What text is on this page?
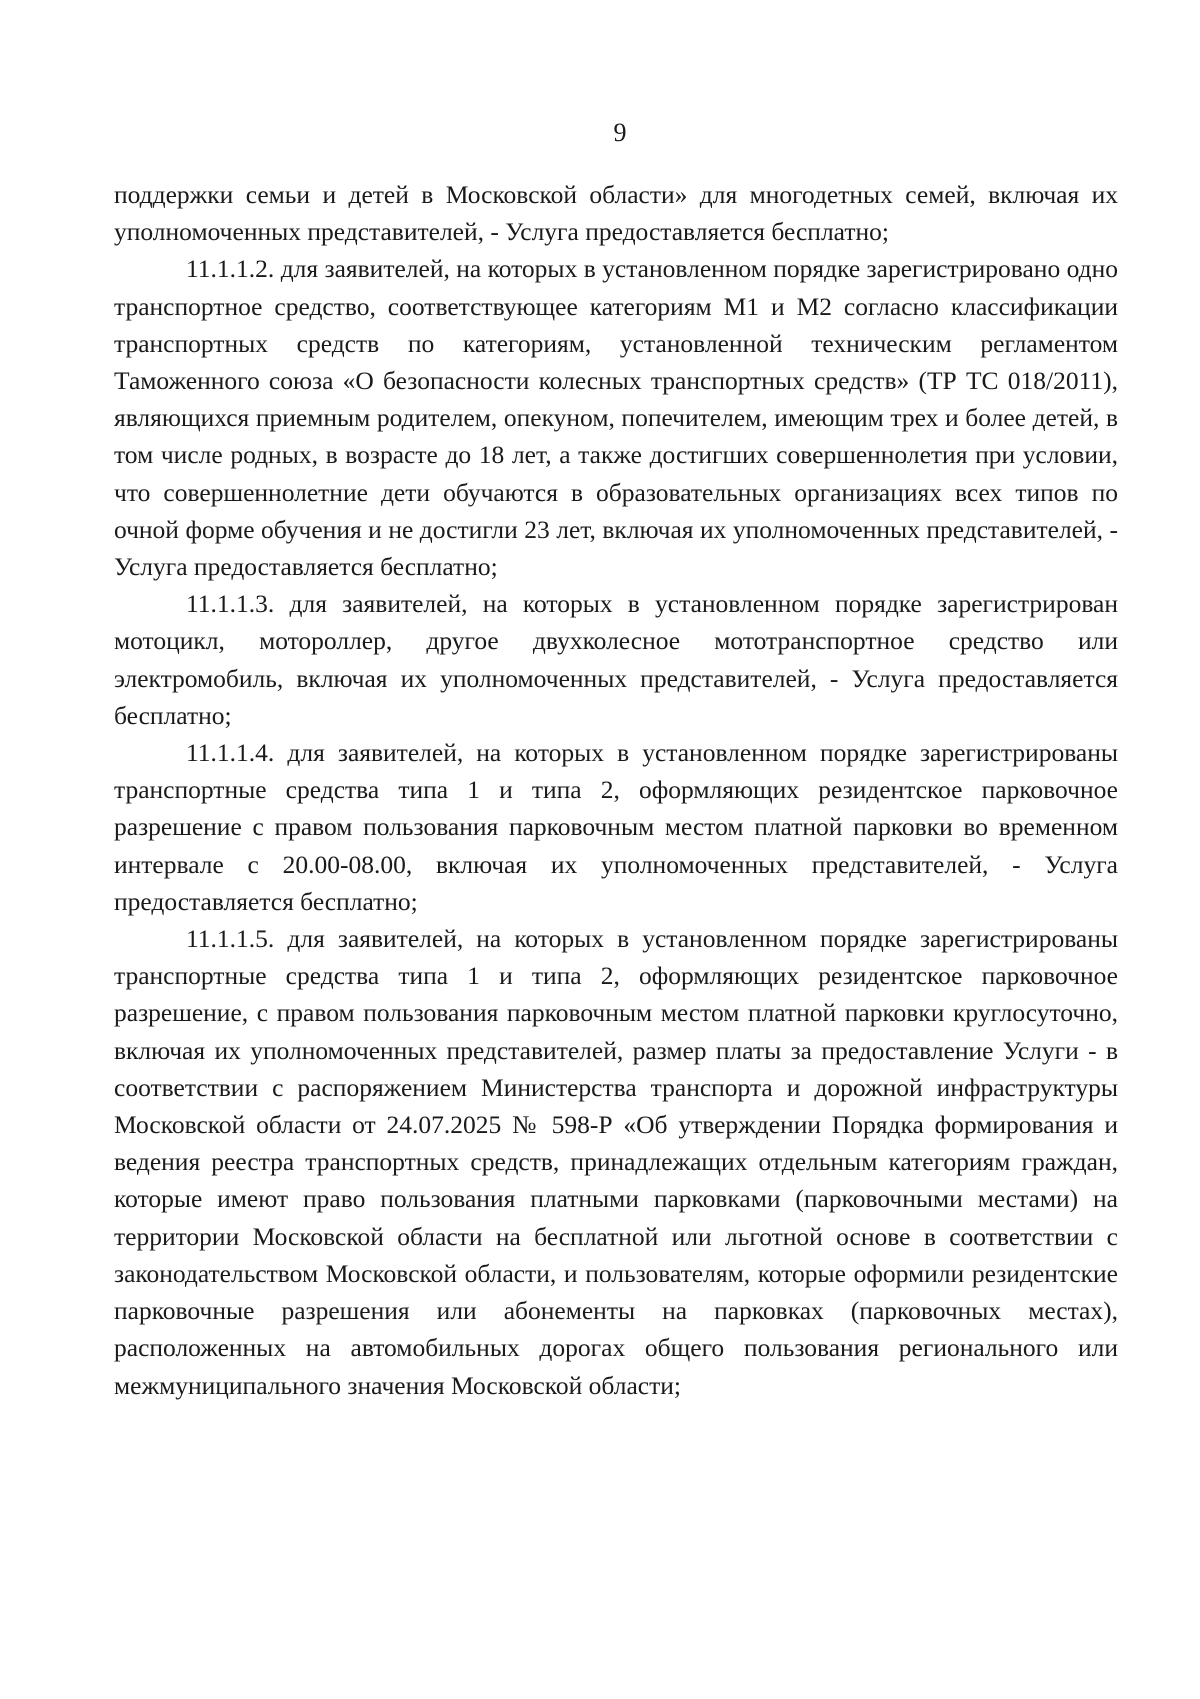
9

поддержки семьи и детей в Московской области» для многодетных семей, включая их уполномоченных представителей, - Услуга предоставляется бесплатно;

11.1.1.2. для заявителей, на которых в установленном порядке зарегистрировано одно транспортное средство, соответствующее категориям М1 и М2 согласно классификации транспортных средств по категориям, установленной техническим регламентом Таможенного союза «О безопасности колесных транспортных средств» (ТР ТС 018/2011), являющихся приемным родителем, опекуном, попечителем, имеющим трех и более детей, в том числе родных, в возрасте до 18 лет, а также достигших совершеннолетия при условии, что совершеннолетние дети обучаются в образовательных организациях всех типов по очной форме обучения и не достигли 23 лет, включая их уполномоченных представителей, - Услуга предоставляется бесплатно;

11.1.1.3. для заявителей, на которых в установленном порядке зарегистрирован мотоцикл, мотороллер, другое двухколесное мототранспортное средство или электромобиль, включая их уполномоченных представителей, - Услуга предоставляется бесплатно;

11.1.1.4. для заявителей, на которых в установленном порядке зарегистрированы транспортные средства типа 1 и типа 2, оформляющих резидентское парковочное разрешение с правом пользования парковочным местом платной парковки во временном интервале с 20.00-08.00, включая их уполномоченных представителей, - Услуга предоставляется бесплатно;

11.1.1.5. для заявителей, на которых в установленном порядке зарегистрированы транспортные средства типа 1 и типа 2, оформляющих резидентское парковочное разрешение, с правом пользования парковочным местом платной парковки круглосуточно, включая их уполномоченных представителей, размер платы за предоставление Услуги - в соответствии с распоряжением Министерства транспорта и дорожной инфраструктуры Московской области от 24.07.2025 № 598-Р «Об утверждении Порядка формирования и ведения реестра транспортных средств, принадлежащих отдельным категориям граждан, которые имеют право пользования платными парковками (парковочными местами) на территории Московской области на бесплатной или льготной основе в соответствии с законодательством Московской области, и пользователям, которые оформили резидентские парковочные разрешения или абонементы на парковках (парковочных местах), расположенных на автомобильных дорогах общего пользования регионального или межмуниципального значения Московской области;
